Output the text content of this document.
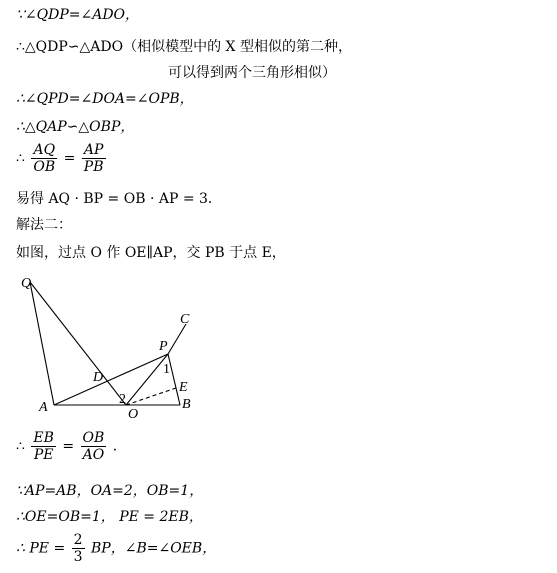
∵∠QDP=∠ADO，
∴△QDP∽△ADO（相似模型中的 X 型相似的第二种，
可以得到两个三角形相似）
∴∠QPD=∠DOA=∠OPB，
∴△QAP∽△OBP，
∴ $\frac{AQ}{OB} = \frac{AP}{PB}$
易得 AQ · BP = OB · AP = 3．
解法二：
如图，过点 O 作 OE∥AP，交 PB 于点 E，
Q
C
P
D
1
E
A
2
O
B
∴ $\frac{EB}{PE} = \frac{OB}{AO}$ ．
∵AP=AB，OA=2，OB=1，
∴OE=OB=1， PE = 2EB，
∴ PE = $\frac{2}{3}$ BP，∠B=∠OEB，
